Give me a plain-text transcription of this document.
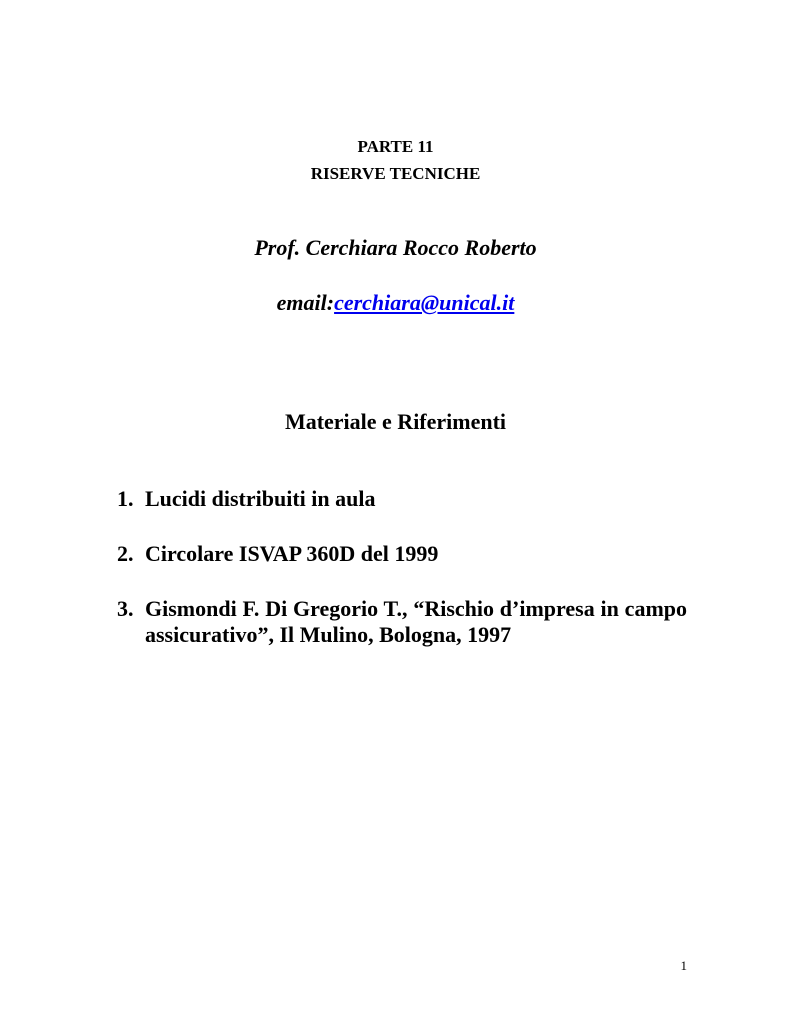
PARTE 11
RISERVE TECNICHE
Prof. Cerchiara Rocco Roberto
email:cerchiara@unical.it
Materiale e Riferimenti
1. Lucidi distribuiti in aula
2. Circolare ISVAP 360D del 1999
3. Gismondi F. Di Gregorio T., “Rischio d’impresa in campo assicurativo”, Il Mulino, Bologna, 1997
1
